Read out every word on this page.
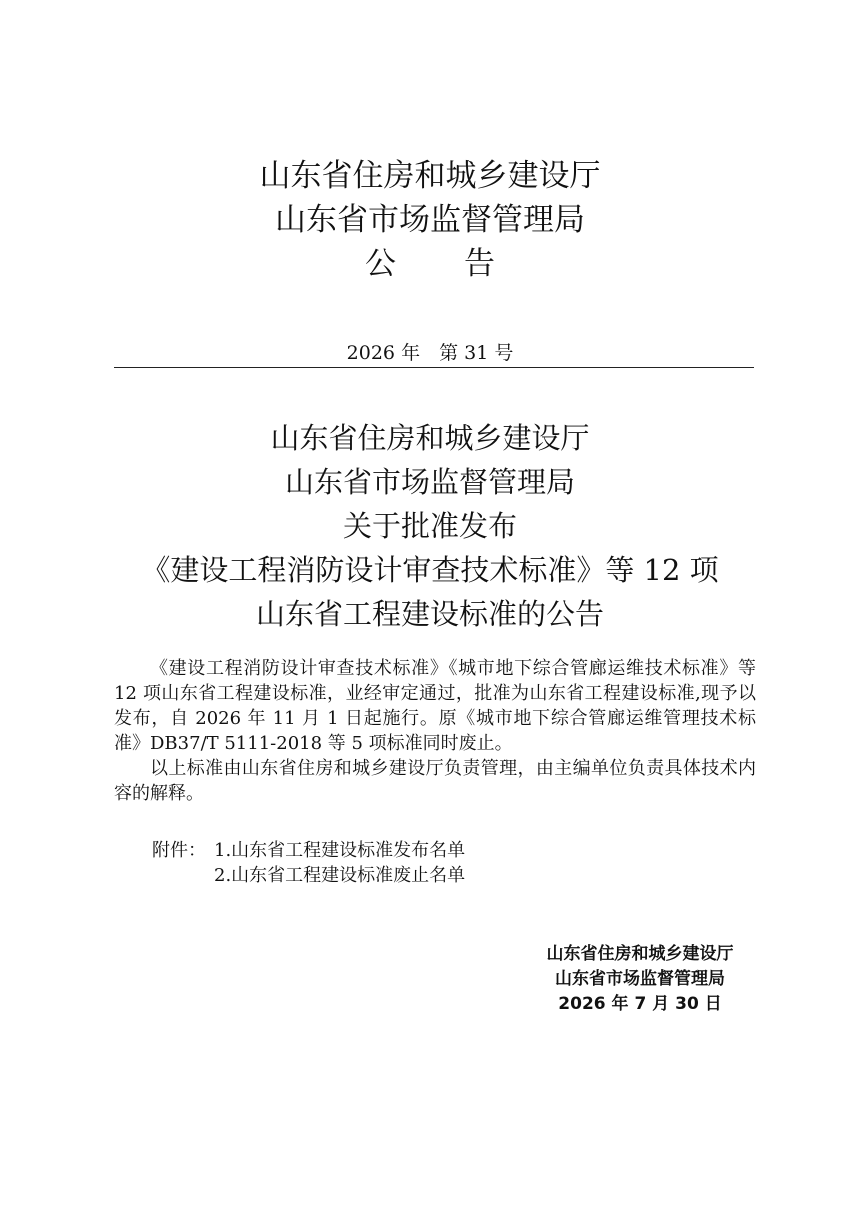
山东省住房和城乡建设厅
山东省市场监督管理局
公告
2026 年　第 31 号
山东省住房和城乡建设厅
山东省市场监督管理局
关于批准发布
《建设工程消防设计审查技术标准》等 12 项
山东省工程建设标准的公告

《建设工程消防设计审查技术标准》《城市地下综合管廊运维技术标准》等 12 项山东省工程建设标准，业经审定通过，批准为山东省工程建设标准,现予以发布，自 2026 年 11 月 1 日起施行。原《城市地下综合管廊运维管理技术标准》DB37/T 5111-2018 等 5 项标准同时废止。

以上标准由山东省住房和城乡建设厅负责管理，由主编单位负责具体技术内容的解释。

附件： 1.山东省工程建设标准发布名单
2.山东省工程建设标准废止名单
山东省住房和城乡建设厅
山东省市场监督管理局
2026 年 7 月 30 日
